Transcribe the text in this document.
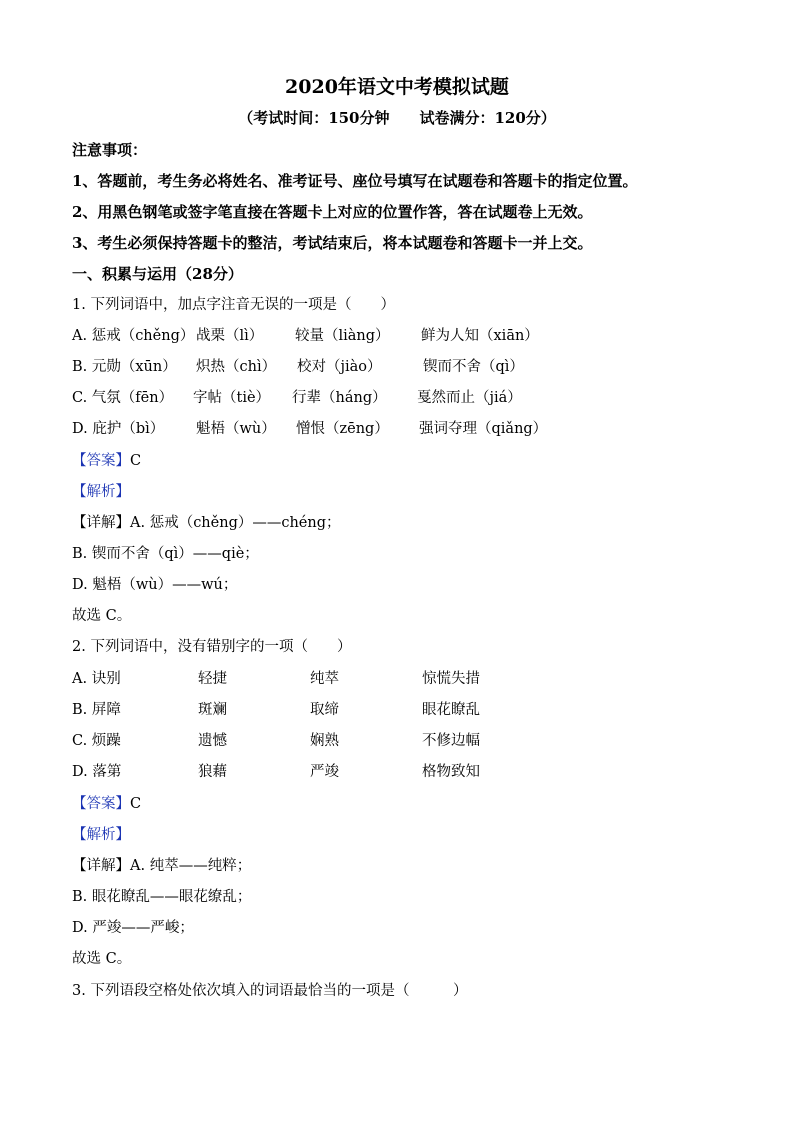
2020年语文中考模拟试题
（考试时间：150分钟　　试卷满分：120分）
注意事项：
1、答题前，考生务必将姓名、准考证号、座位号填写在试题卷和答题卡的指定位置。
2、用黑色钢笔或签字笔直接在答题卡上对应的位置作答，答在试题卷上无效。
3、考生必须保持答题卡的整洁，考试结束后，将本试题卷和答题卡一并上交。
一、积累与运用（28分）
1. 下列词语中，加点字注音无误的一项是（　　）
A. 惩戒（chěng） 战栗（lì） 较量（liàng） 鲜为人知（xiān）
B. 元勋（xūn） 炽热（chì） 校对（jiào）	锲而不舍（qì）
C. 气氛（fēn） 字帖（tiè） 行辈（háng） 戛然而止（jiá）
D. 庇护（bì） 魁梧（wù） 憎恨（zēng） 强词夺理（qiǎng）
【答案】C
【解析】
【详解】A. 惩戒（chěng）——chéng；
B. 锲而不舍（qì）——qiè；
D. 魁梧（wù）——wú；
故选 C。
2. 下列词语中，没有错别字的一项（　　）
A. 诀别	轻捷	纯萃	惊慌失措
B. 屏障	斑斓	取缔	眼花瞭乱
C. 烦躁	遗憾	娴熟	不修边幅
D. 落第	狼藉	严竣	格物致知
【答案】C
【解析】
【详解】A. 纯萃——纯粹；
B. 眼花瞭乱——眼花缭乱；
D. 严竣——严峻；
故选 C。
3. 下列语段空格处依次填入的词语最恰当的一项是（　　　）
